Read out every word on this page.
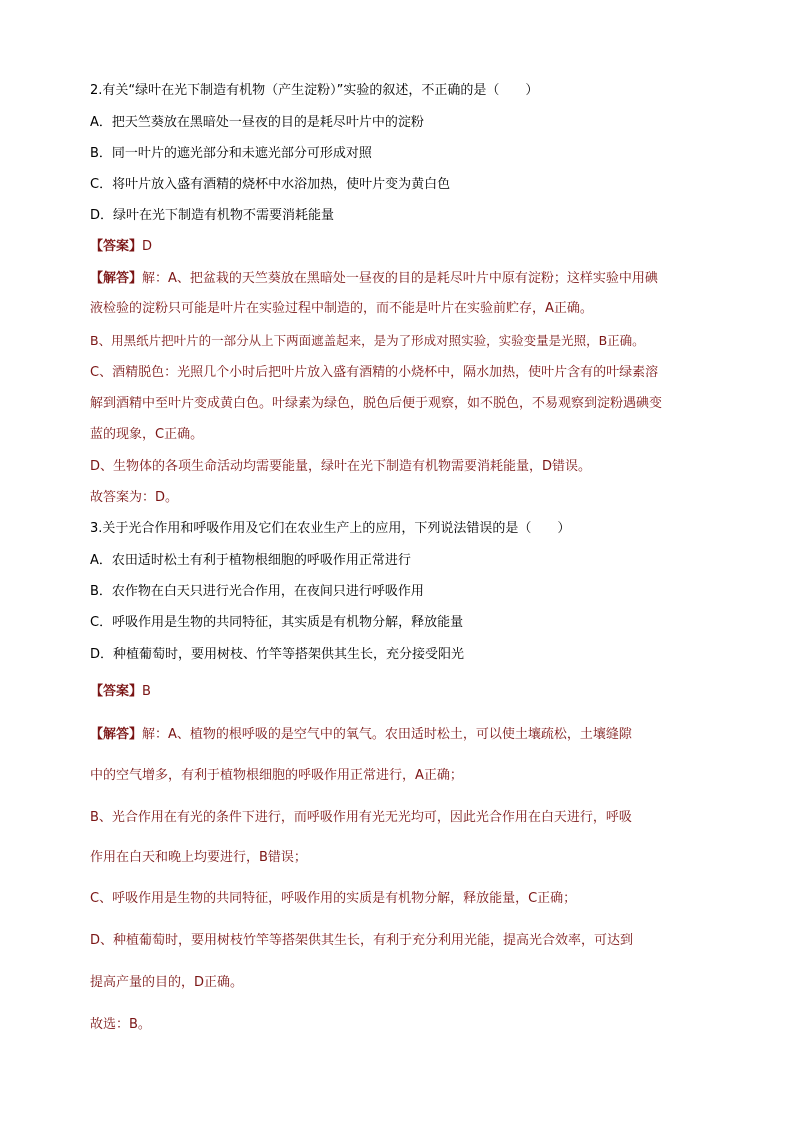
2.有关“绿叶在光下制造有机物（产生淀粉）”实验的叙述，不正确的是（　　）
A．把天竺葵放在黑暗处一昼夜的目的是耗尽叶片中的淀粉
B．同一叶片的遮光部分和未遮光部分可形成对照
C．将叶片放入盛有酒精的烧杯中水浴加热，使叶片变为黄白色
D．绿叶在光下制造有机物不需要消耗能量
【答案】D
【解答】解：A、把盆栽的天竺葵放在黑暗处一昼夜的目的是耗尽叶片中原有淀粉；这样实验中用碘
液检验的淀粉只可能是叶片在实验过程中制造的，而不能是叶片在实验前贮存，A正确。
B、用黑纸片把叶片的一部分从上下两面遮盖起来，是为了形成对照实验，实验变量是光照，B正确。
C、酒精脱色：光照几个小时后把叶片放入盛有酒精的小烧杯中，隔水加热，使叶片含有的叶绿素溶
解到酒精中至叶片变成黄白色。叶绿素为绿色，脱色后便于观察，如不脱色，不易观察到淀粉遇碘变
蓝的现象，C正确。
D、生物体的各项生命活动均需要能量，绿叶在光下制造有机物需要消耗能量，D错误。
故答案为：D。
3.关于光合作用和呼吸作用及它们在农业生产上的应用，下列说法错误的是（　　）
A．农田适时松土有利于植物根细胞的呼吸作用正常进行
B．农作物在白天只进行光合作用，在夜间只进行呼吸作用
C．呼吸作用是生物的共同特征，其实质是有机物分解，释放能量
D．种植葡萄时，要用树枝、竹竿等搭架供其生长，充分接受阳光
【答案】B
【解答】解：A、植物的根呼吸的是空气中的氧气。农田适时松土，可以使土壤疏松，土壤缝隙
中的空气增多，有利于植物根细胞的呼吸作用正常进行，A正确；
B、光合作用在有光的条件下进行，而呼吸作用有光无光均可，因此光合作用在白天进行，呼吸
作用在白天和晚上均要进行，B错误；
C、呼吸作用是生物的共同特征，呼吸作用的实质是有机物分解，释放能量，C正确；
D、种植葡萄时，要用树枝竹竿等搭架供其生长，有利于充分利用光能，提高光合效率，可达到
提高产量的目的，D正确。
故选：B。
